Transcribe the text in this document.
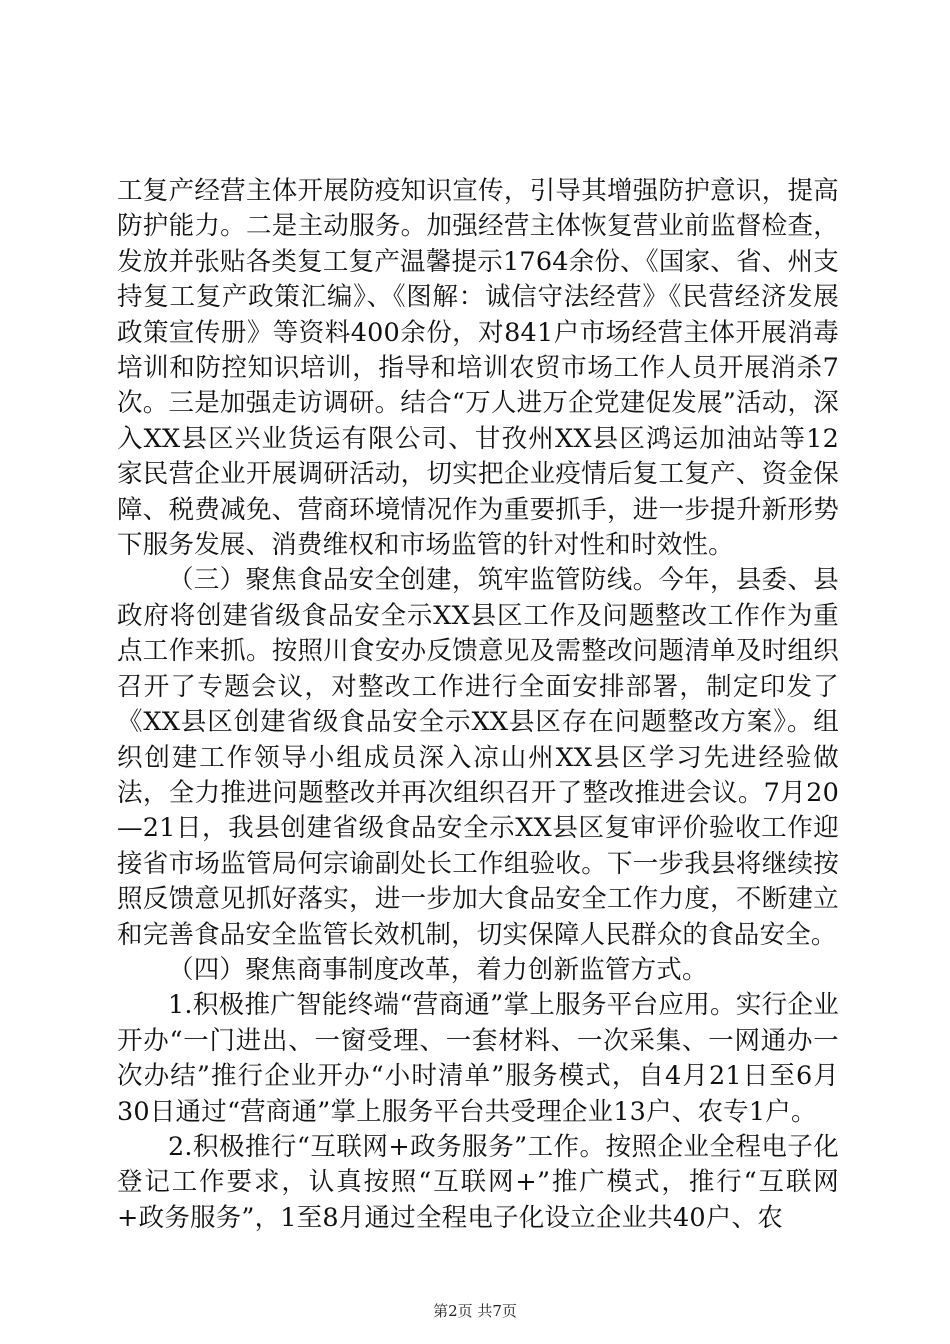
工复产经营主体开展防疫知识宣传，引导其增强防护意识，提高防护能力。二是主动服务。加强经营主体恢复营业前监督检查，发放并张贴各类复工复产温馨提示1764余份、《国家、省、州支持复工复产政策汇编》、《图解：诚信守法经营》《民营经济发展政策宣传册》等资料400余份，对841户市场经营主体开展消毒培训和防控知识培训，指导和培训农贸市场工作人员开展消杀7次。三是加强走访调研。结合“万人进万企党建促发展”活动，深入XX县区兴业货运有限公司、甘孜州XX县区鸿运加油站等12家民营企业开展调研活动，切实把企业疫情后复工复产、资金保障、税费减免、营商环境情况作为重要抓手，进一步提升新形势下服务发展、消费维权和市场监管的针对性和时效性。

（三）聚焦食品安全创建，筑牢监管防线。今年，县委、县政府将创建省级食品安全示XX县区工作及问题整改工作作为重点工作来抓。按照川食安办反馈意见及需整改问题清单及时组织召开了专题会议，对整改工作进行全面安排部署，制定印发了《XX县区创建省级食品安全示XX县区存在问题整改方案》。组织创建工作领导小组成员深入凉山州XX县区学习先进经验做法，全力推进问题整改并再次组织召开了整改推进会议。7月20—21日，我县创建省级食品安全示XX县区复审评价验收工作迎接省市场监管局何宗谕副处长工作组验收。下一步我县将继续按照反馈意见抓好落实，进一步加大食品安全工作力度，不断建立和完善食品安全监管长效机制，切实保障人民群众的食品安全。

（四）聚焦商事制度改革，着力创新监管方式。

1.积极推广智能终端“营商通”掌上服务平台应用。实行企业开办“一门进出、一窗受理、一套材料、一次采集、一网通办一次办结”推行企业开办“小时清单”服务模式，自4月21日至6月30日通过“营商通”掌上服务平台共受理企业13户、农专1户。

2.积极推行“互联网+政务服务”工作。按照企业全程电子化登记工作要求，认真按照“互联网+”推广模式，推行“互联网+政务服务”，1至8月通过全程电子化设立企业共40户、农

第2页 共7页
